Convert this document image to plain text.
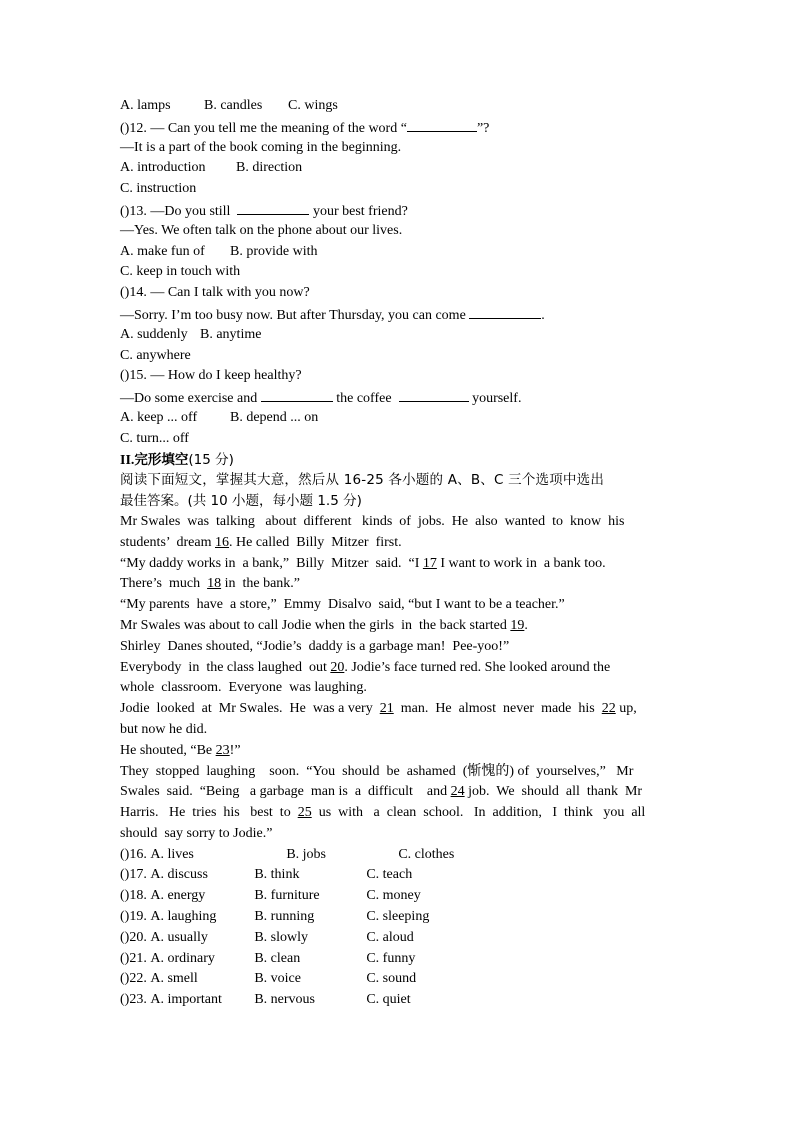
A. lamps B. candles C. wings
()12. — Can you tell me the meaning of the word “	”?
—It is a part of the book coming in the beginning.
A. introduction B. direction
C. instruction
()13. —Do you still	your best friend?
—Yes. We often talk on the phone about our lives.
A. make fun of B. provide with
C. keep in touch with
()14. — Can I talk with you now?
—Sorry. I’m too busy now. But after Thursday, you can come	.
A. suddenly B. anytime
C. anywhere
()15. — How do I keep healthy?
—Do some exercise and	the coffee	yourself.
A. keep ... off B. depend ... on
C. turn... off
II.完形填空(15 分)
阅读下面短文，掌握其大意，然后从 16-25 各小题的 A、B、C 三个选项中选出
最佳答案。(共 10 小题，每小题 1.5 分)
Mr Swales  was  talking   about  different   kinds  of  jobs.  He  also  wanted  to  know  his
students’  dream 16. He called  Billy  Mitzer  first.
“My daddy works in  a bank,”  Billy  Mitzer  said.  “I 17 I want to work in  a bank too.
There’s  much  18 in  the bank.”
“My parents  have  a store,”  Emmy  Disalvo  said, “but I want to be a teacher.”
Mr Swales was about to call Jodie when the girls  in  the back started 19.
Shirley  Danes shouted, “Jodie’s  daddy is a garbage man!  Pee-yoo!”
Everybody  in  the class laughed  out 20. Jodie’s face turned red. She looked around the
whole  classroom.  Everyone  was laughing.
Jodie  looked  at  Mr Swales.  He  was a very  21  man.  He  almost  never  made  his  22 up,
but now he did.
He shouted, “Be 23!”
They  stopped  laughing    soon.  “You  should  be  ashamed  (惭愧的) of  yourselves,”   Mr
Swales  said.  “Being   a garbage  man is  a  difficult    and 24 job.  We  should  all  thank  Mr
Harris.   He  tries  his   best  to  25  us  with   a  clean  school.   In  addition,   I  think   you  all
should  say sorry to Jodie.”
()16. A. lives	B. jobs	C. clothes
()17. A. discuss	B. think	C. teach
()18. A. energy	B. furniture	C. money
()19. A. laughing	B. running	C. sleeping
()20. A. usually	B. slowly	C. aloud
()21. A. ordinary	B. clean	C. funny
()22. A. smell	B. voice	C. sound
()23. A. important B. nervous	C. quiet
